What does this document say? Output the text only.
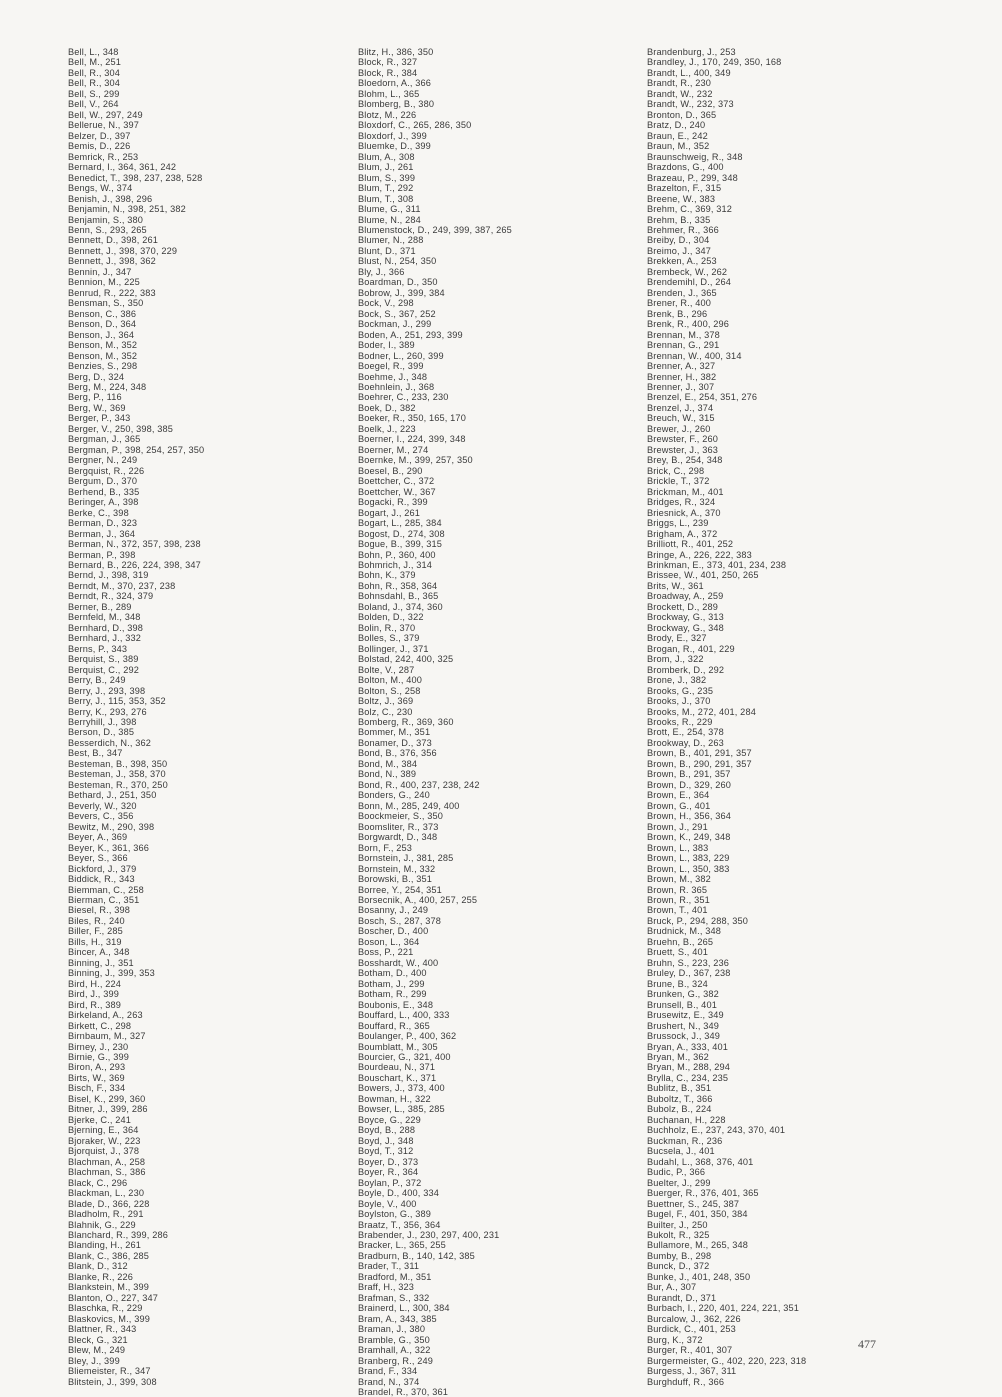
Bell, L., 348
Bell, M., 251
Bell, R., 304
Bell, R., 304
Bell, S., 299
Bell, V., 264
Bell, W., 297, 249
Bellerue, N., 397
Belzer, D., 397
Bemis, D., 226
Bemrick, R., 253
Bernard, I., 364, 361, 242
Benedict, T., 398, 237, 238, 528
Bengs, W., 374
Benish, J., 398, 296
Benjamin, N., 398, 251, 382
Benjamin, S., 380
Benn, S., 293, 265
Bennett, D., 398, 261
Bennett, J., 398, 370, 229
Bennett, J., 398, 362
Bennin, J., 347
Bennion, M., 225
Benrud, R., 222, 383
Bensman, S., 350
Benson, C., 386
Benson, D., 364
Benson, J., 364
Benson, M., 352
Benson, M., 352
Benzies, S., 298
Berg, D., 324
Berg, M., 224, 348
Berg, P., 116
Berg, W., 369
Berger, P., 343
Berger, V., 250, 398, 385
Bergman, J., 365
Bergman, P., 398, 254, 257, 350
Bergner, N., 249
Bergquist, R., 226
Bergum, D., 370
Berhend, B., 335
Beringer, A., 398
Berke, C., 398
Berman, D., 323
Berman, J., 364
Berman, N., 372, 357, 398, 238
Berman, P., 398
Bernard, B., 226, 224, 398, 347
Bernd, J., 398, 319
Berndt, M., 370, 237, 238
Berndt, R., 324, 379
Berner, B., 289
Bernfeld, M., 348
Bernhard, D., 398
Bernhard, J., 332
Berns, P., 343
Berquist, S., 389
Berquist, C., 292
Berry, B., 249
Berry, J., 293, 398
Berry, J., 115, 353, 352
Berry, K., 293, 276
Berryhill, J., 398
Berson, D., 385
Besserdich, N., 362
Best, B., 347
Besteman, B., 398, 350
Besteman, J., 358, 370
Besteman, R., 370, 250
Bethard, J., 251, 350
Beverly, W., 320
Bevers, C., 356
Bewitz, M., 290, 398
Beyer, A., 369
Beyer, K., 361, 366
Beyer, S., 366
Bickford, J., 379
Biddick, R., 343
Biemman, C., 258
Bierman, C., 351
Biesel, R., 398
Biles, R., 240
Biller, F., 285
Bills, H., 319
Bincer, A., 348
Binning, J., 351
Binning, J., 399, 353
Bird, H., 224
Bird, J., 399
Bird, R., 389
Birkeland, A., 263
Birkett, C., 298
Birnbaum, M., 327
Birney, J., 230
Birnie, G., 399
Biron, A., 293
Birts, W., 369
Bisch, F., 334
Bisel, K., 299, 360
Bitner, J., 399, 286
Bjerke, C., 241
Bjerning, E., 364
Bjoraker, W., 223
Bjorquist, J., 378
Blachman, A., 258
Blachman, S., 386
Black, C., 296
Blackman, L., 230
Blade, D., 366, 228
Bladholm, R., 291
Blahnik, G., 229
Blanchard, R., 399, 286
Blanding, H., 261
Blank, C., 386, 285
Blank, D., 312
Blanke, R., 226
Blankstein, M., 399
Blanton, O., 227, 347
Blaschka, R., 229
Blaskovics, M., 399
Blattner, R., 343
Bleck, G., 321
Blew, M., 249
Bley, J., 399
Bliemeister, R., 347
Blitstein, J., 399, 308
Blitz, H., 386, 350
Block, R., 327
Block, R., 384
Bloedorn, A., 366
Blohm, L., 365
Blomberg, B., 380
Blotz, M., 226
Bloxdorf, C., 265, 286, 350
Bloxdorf, J., 399
Bluemke, D., 399
Blum, A., 308
Blum, J., 261
Blum, S., 399
Blum, T., 292
Blum, T., 308
Blume, G., 311
Blume, N., 284
Blumenstock, D., 249, 399, 387, 265
Blumer, N., 288
Blunt, D., 371
Blust, N., 254, 350
Bly, J., 366
Boardman, D., 350
Bobrow, J., 399, 384
Bock, V., 298
Bock, S., 367, 252
Bockman, J., 299
Boden, A., 251, 293, 399
Boder, I., 389
Bodner, L., 260, 399
Boegel, R., 399
Boehme, J., 348
Boehnlein, J., 368
Boehrer, C., 233, 230
Boek, D., 382
Boeker, R., 350, 165, 170
Boelk, J., 223
Boerner, I., 224, 399, 348
Boerner, M., 274
Boernke, M., 399, 257, 350
Boesel, B., 290
Boettcher, C., 372
Boettcher, W., 367
Bogacki, R., 399
Bogart, J., 261
Bogart, L., 285, 384
Bogost, D., 274, 308
Bogue, B., 399, 315
Bohn, P., 360, 400
Bohmrich, J., 314
Bohn, K., 379
Bohn, R., 358, 364
Bohnsdahl, B., 365
Boland, J., 374, 360
Bolden, D., 322
Bolin, R., 370
Bolles, S., 379
Bollinger, J., 371
Bolstad, 242, 400, 325
Bolte, V., 287
Bolton, M., 400
Bolton, S., 258
Boltz, J., 369
Bolz, C., 230
Bomberg, R., 369, 360
Bommer, M., 351
Bonamer, D., 373
Bond, B., 376, 356
Bond, M., 384
Bond, N., 389
Bond, R., 400, 237, 238, 242
Bonders, G., 240
Bonn, M., 285, 249, 400
Boockmeier, S., 350
Boomsliter, R., 373
Borgwardt, D., 348
Born, F., 253
Bornstein, J., 381, 285
Bornstein, M., 332
Borowski, B., 351
Borree, Y., 254, 351
Borsecnik, A., 400, 257, 255
Bosanny, J., 249
Bosch, S., 287, 378
Boscher, D., 400
Boson, L., 364
Boss, P., 221
Bosshardt, W., 400
Botham, D., 400
Botham, J., 299
Botham, R., 299
Boubonis, E., 348
Bouffard, L., 400, 333
Bouffard, R., 365
Boulanger, P., 400, 362
Boumblatt, M., 305
Bourcier, G., 321, 400
Bourdeau, N., 371
Bouschart, K., 371
Bowers, J., 373, 400
Bowman, H., 322
Bowser, L., 385, 285
Boyce, G., 229
Boyd, B., 288
Boyd, J., 348
Boyd, T., 312
Boyer, D., 373
Boyer, R., 364
Boylan, P., 372
Boyle, D., 400, 334
Boyle, V., 400
Boylston, G., 389
Braatz, T., 356, 364
Brabender, J., 230, 297, 400, 231
Bracker, L., 365, 255
Bradburn, B., 140, 142, 385
Brader, T., 311
Bradford, M., 351
Braff, H., 323
Brafman, S., 332
Brainerd, L., 300, 384
Bram, A., 343, 385
Braman, J., 380
Bramble, G., 350
Bramhall, A., 322
Branberg, R., 249
Brand, F., 334
Brand, N., 374
Brandel, R., 370, 361
Brandenburg, J., 253
Brandley, J., 170, 249, 350, 168
Brandt, L., 400, 349
Brandt, R., 230
Brandt, W., 232
Brandt, W., 232, 373
Bronton, D., 365
Bratz, D., 240
Braun, E., 242
Braun, M., 352
Braunschweig, R., 348
Brazdons, G., 400
Brazeau, P., 299, 348
Brazelton, F., 315
Breene, W., 383
Brehm, C., 369, 312
Brehm, B., 335
Brehmer, R., 366
Breiby, D., 304
Breimo, J., 347
Brekken, A., 253
Brembeck, W., 262
Brendemihl, D., 264
Brenden, J., 365
Brener, R., 400
Brenk, B., 296
Brenk, R., 400, 296
Brennan, M., 378
Brennan, G., 291
Brennan, W., 400, 314
Brenner, A., 327
Brenner, H., 382
Brenner, J., 307
Brenzel, E., 254, 351, 276
Brenzel, J., 374
Breuch, W., 315
Brewer, J., 260
Brewster, F., 260
Brewster, J., 363
Brey, B., 254, 348
Brick, C., 298
Brickle, T., 372
Brickman, M., 401
Bridges, R., 324
Briesnick, A., 370
Briggs, L., 239
Brigham, A., 372
Brilliott, R., 401, 252
Bringe, A., 226, 222, 383
Brinkman, E., 373, 401, 234, 238
Brissee, W., 401, 250, 265
Brits, W., 361
Broadway, A., 259
Brockett, D., 289
Brockway, G., 313
Brockway, G., 348
Brody, E., 327
Brogan, R., 401, 229
Brom, J., 322
Bromberk, D., 292
Brone, J., 382
Brooks, G., 235
Brooks, J., 370
Brooks, M., 272, 401, 284
Brooks, R., 229
Brott, E., 254, 378
Brookway, D., 263
Brown, B., 401, 291, 357
Brown, B., 290, 291, 357
Brown, B., 291, 357
Brown, D., 329, 260
Brown, E., 364
Brown, G., 401
Brown, H., 356, 364
Brown, J., 291
Brown, K., 249, 348
Brown, L., 383
Brown, L., 383, 229
Brown, L., 350, 383
Brown, M., 382
Brown, R. 365
Brown, R., 351
Brown, T., 401
Bruck, P., 294, 288, 350
Brudnick, M., 348
Bruehn, B., 265
Bruett, S., 401
Bruhn, S., 223, 236
Bruley, D., 367, 238
Brune, B., 324
Brunken, G., 382
Brunsell, B., 401
Brusewitz, E., 349
Brushert, N., 349
Brussock, J., 349
Bryan, A., 333, 401
Bryan, M., 362
Bryan, M., 288, 294
Brylla, C., 234, 235
Bublitz, B., 351
Buboltz, T., 366
Bubolz, B., 224
Buchanan, H., 228
Buchholz, E., 237, 243, 370, 401
Buckman, R., 236
Bucsela, J., 401
Budahl, L., 368, 376, 401
Budic, P., 366
Buelter, J., 299
Buerger, R., 376, 401, 365
Buettner, S., 245, 387
Bugel, F., 401, 350, 384
Builter, J., 250
Bukolt, R., 325
Bullamore, M., 265, 348
Bumby, B., 298
Bunck, D., 372
Bunke, J., 401, 248, 350
Bur, A., 307
Burandt, D., 371
Burbach, I., 220, 401, 224, 221, 351
Burcalow, J., 362, 226
Burdick, C., 401, 253
Burg, K., 372
Burger, R., 401, 307
Burgermeister, G., 402, 220, 223, 318
Burgess, J., 367, 311
Burghduff, R., 366
477
